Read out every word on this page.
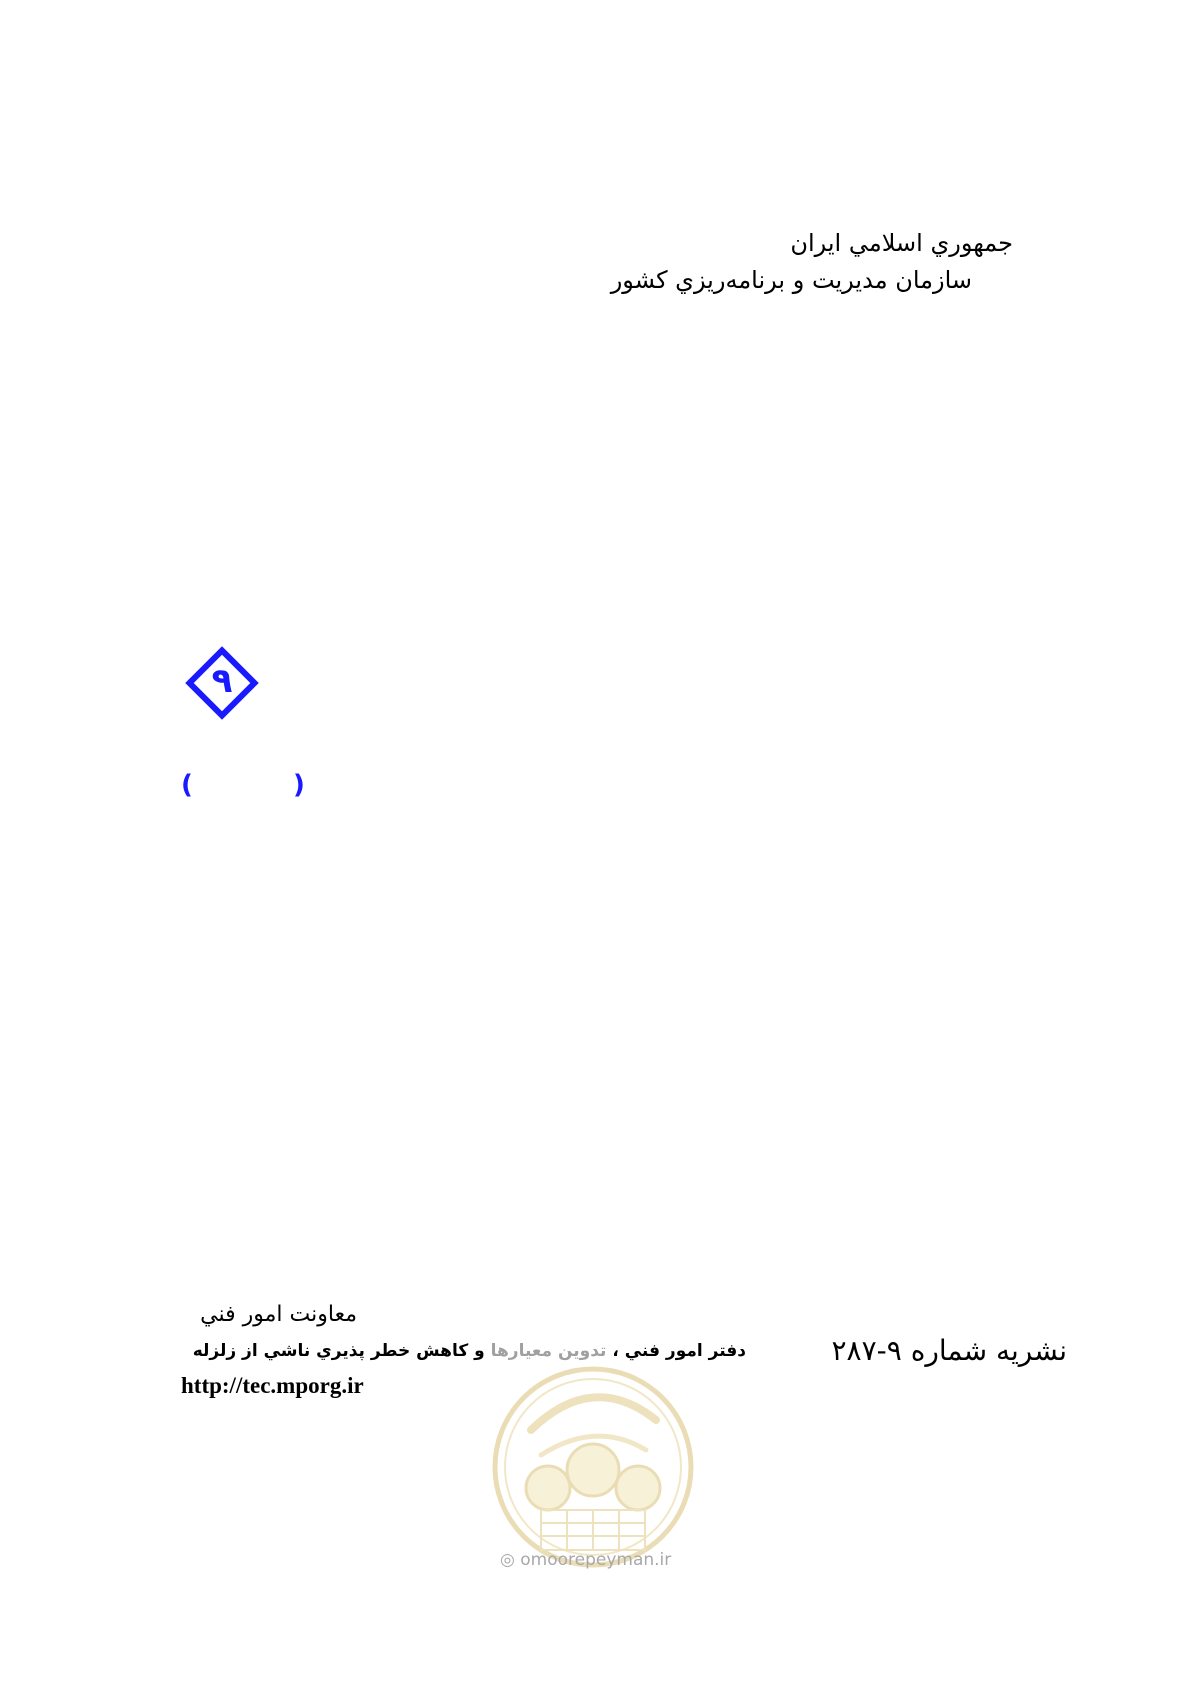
جمهوري اسلامي ايران
سازمان مديريت و برنامه‌ريزي كشور
۹
(	)
معاونت امور فني
دفتر امور فني ، تدوين معيارها و كاهش خطر پذيري ناشي از زلزله
http://tec.mporg.ir
نشريه شماره ۹-۲۸۷
◎ omoorepeyman.ir
